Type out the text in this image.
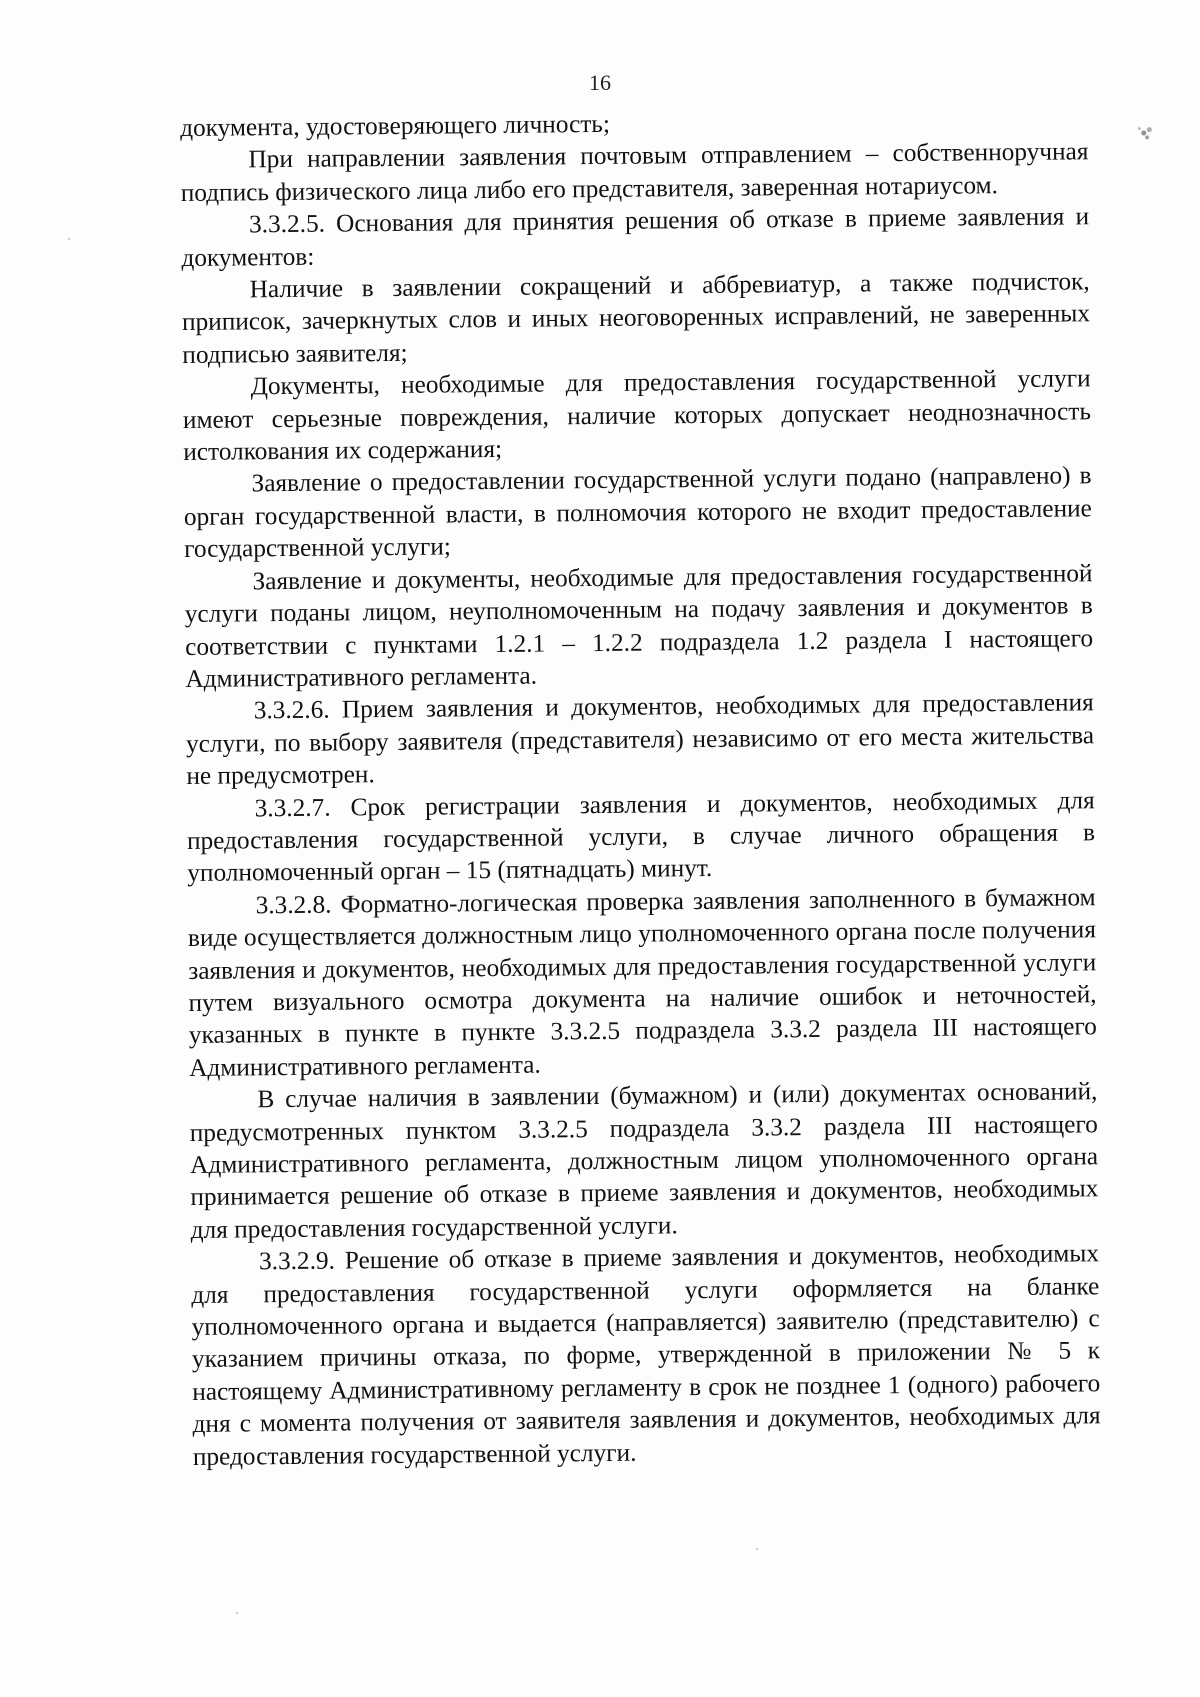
16

документа, удостоверяющего личность;

При направлении заявления почтовым отправлением – собственноручная подпись физического лица либо его представителя, заверенная нотариусом.

3.3.2.5. Основания для принятия решения об отказе в приеме заявления и документов:

Наличие в заявлении сокращений и аббревиатур, а также подчисток, приписок, зачеркнутых слов и иных неоговоренных исправлений, не заверенных подписью заявителя;

Документы, необходимые для предоставления государственной услуги имеют серьезные повреждения, наличие которых допускает неоднозначность истолкования их содержания;

Заявление о предоставлении государственной услуги подано (направлено) в орган государственной власти, в полномочия которого не входит предоставление государственной услуги;

Заявление и документы, необходимые для предоставления государственной услуги поданы лицом, неуполномоченным на подачу заявления и документов в соответствии с пунктами 1.2.1 – 1.2.2 подраздела 1.2 раздела I настоящего Административного регламента.

3.3.2.6. Прием заявления и документов, необходимых для предоставления услуги, по выбору заявителя (представителя) независимо от его места жительства не предусмотрен.

3.3.2.7. Срок регистрации заявления и документов, необходимых для предоставления государственной услуги, в случае личного обращения в уполномоченный орган – 15 (пятнадцать) минут.

3.3.2.8. Форматно-логическая проверка заявления заполненного в бумажном виде осуществляется должностным лицо уполномоченного органа после получения заявления и документов, необходимых для предоставления государственной услуги путем визуального осмотра документа на наличие ошибок и неточностей, указанных в пункте в пункте 3.3.2.5 подраздела 3.3.2 раздела III настоящего Административного регламента.

В случае наличия в заявлении (бумажном) и (или) документах оснований, предусмотренных пунктом 3.3.2.5 подраздела 3.3.2 раздела III настоящего Административного регламента, должностным лицом уполномоченного органа принимается решение об отказе в приеме заявления и документов, необходимых для предоставления государственной услуги.

3.3.2.9. Решение об отказе в приеме заявления и документов, необходимых для предоставления государственной услуги оформляется на бланке уполномоченного органа и выдается (направляется) заявителю (представителю) с указанием причины отказа, по форме, утвержденной в приложении № 5 к настоящему Административному регламенту в срок не позднее 1 (одного) рабочего дня с момента получения от заявителя заявления и документов, необходимых для предоставления государственной услуги.
